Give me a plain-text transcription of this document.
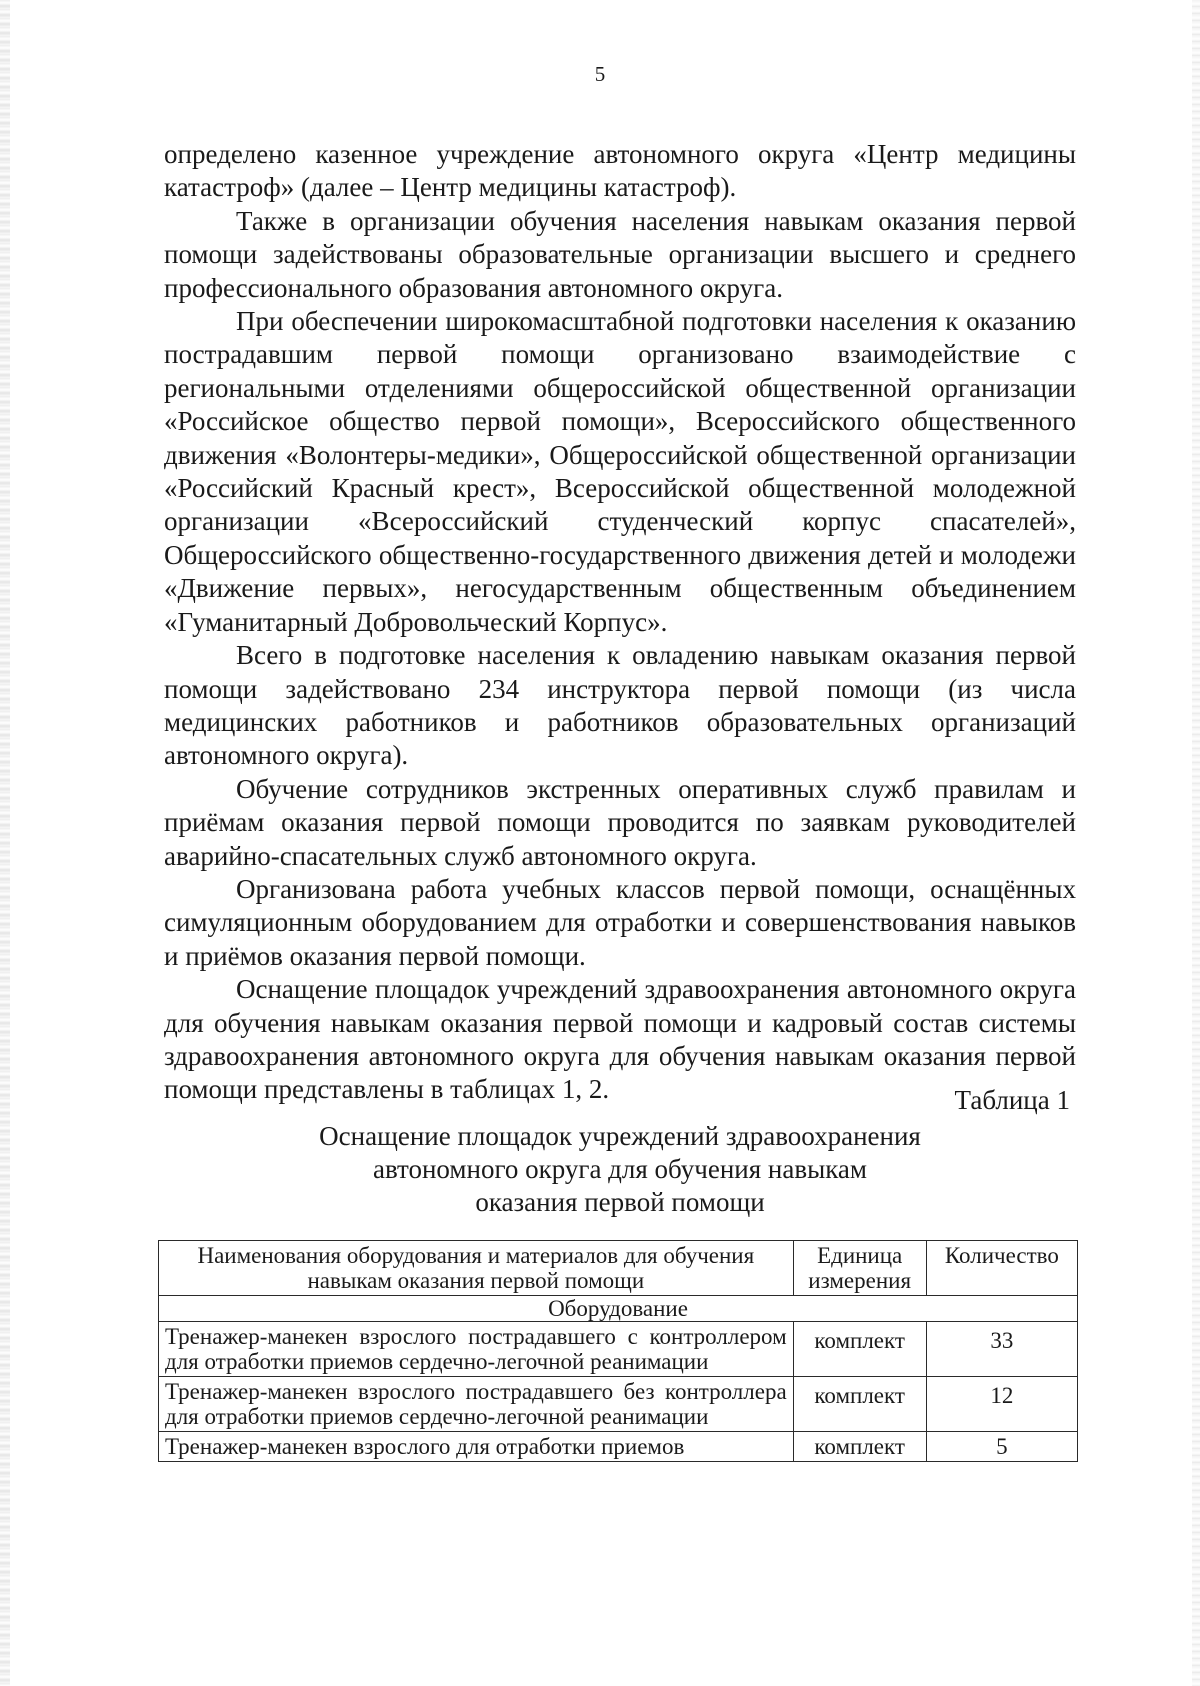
5

определено казенное учреждение автономного округа «Центр медицины катастроф» (далее – Центр медицины катастроф).

Также в организации обучения населения навыкам оказания первой помощи задействованы образовательные организации высшего и среднего профессионального образования автономного округа.

При обеспечении широкомасштабной подготовки населения к оказанию пострадавшим первой помощи организовано взаимодействие с региональными отделениями общероссийской общественной организации «Российское общество первой помощи», Всероссийского общественного движения «Волонтеры-медики», Общероссийской общественной организации «Российский Красный крест», Всероссийской общественной молодежной организации «Всероссийский студенческий корпус спасателей», Общероссийского общественно-государственного движения детей и молодежи «Движение первых», негосударственным общественным объединением «Гуманитарный Добровольческий Корпус».

Всего в подготовке населения к овладению навыкам оказания первой помощи задействовано 234 инструктора первой помощи (из числа медицинских работников и работников образовательных организаций автономного округа).

Обучение сотрудников экстренных оперативных служб правилам и приёмам оказания первой помощи проводится по заявкам руководителей аварийно-спасательных служб автономного округа.

Организована работа учебных классов первой помощи, оснащённых симуляционным оборудованием для отработки и совершенствования навыков и приёмов оказания первой помощи.

Оснащение площадок учреждений здравоохранения автономного округа для обучения навыкам оказания первой помощи и кадровый состав системы здравоохранения автономного округа для обучения навыкам оказания первой помощи представлены в таблицах 1, 2.	Таблица 1
Оснащение площадок учреждений здравоохранения
автономного округа для обучения навыкам
оказания первой помощи
Наименования оборудования и материалов для обучения навыкам оказания первой помощи	Единица измерения	Количество
Оборудование		
Тренажер-манекен взрослого пострадавшего с контроллером для отработки приемов сердечно-легочной реанимации	комплект	33
Тренажер-манекен взрослого пострадавшего без контроллера для отработки приемов сердечно-легочной реанимации	комплект	12
Тренажер-манекен взрослого для отработки приемов	комплект	5
